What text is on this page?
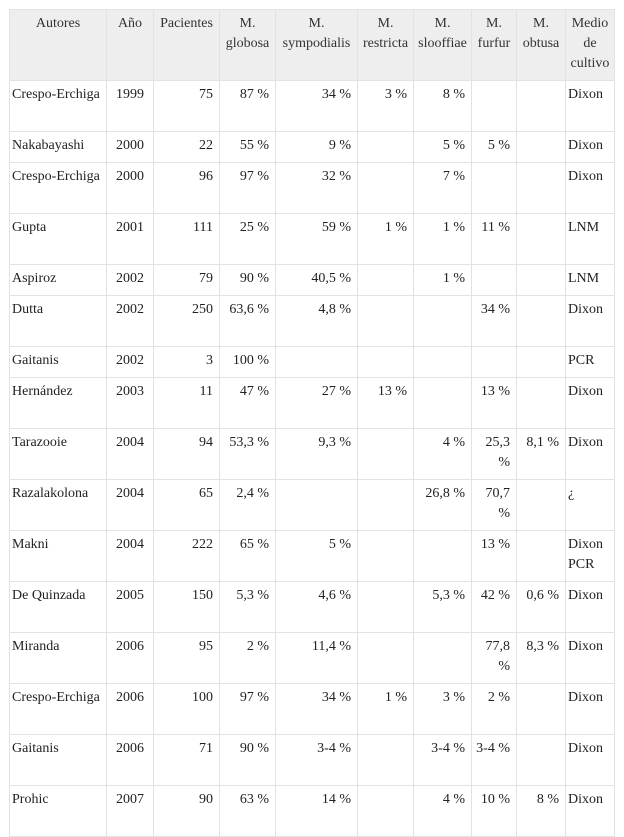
Autores	Año	Pacientes	M. globosa	M. sympodialis	M. restricta	M. slooffiae	M. furfur	M. obtusa	Medio de cultivo
Crespo-Erchiga	1999	75	87 %	34 %	3 %	8 %			Dixon
Nakabayashi	2000	22	55 %	9 %		5 %	5 %		Dixon
Crespo-Erchiga	2000	96	97 %	32 %		7 %			Dixon
Gupta	2001	111	25 %	59 %	1 %	1 %	11 %		LNM
Aspiroz	2002	79	90 %	40,5 %		1 %			LNM
Dutta	2002	250	63,6 %	4,8 %			34 %		Dixon
Gaitanis	2002	3	100 %						PCR
Hernández	2003	11	47 %	27 %	13 %		13 %		Dixon
Tarazooie	2004	94	53,3 %	9,3 %		4 %	25,3 %	8,1 %	Dixon
Razalakolona	2004	65	2,4 %			26,8 %	70,7 %		¿
Makni	2004	222	65 %	5 %			13 %		Dixon PCR
De Quinzada	2005	150	5,3 %	4,6 %		5,3 %	42 %	0,6 %	Dixon
Miranda	2006	95	2 %	11,4 %			77,8 %	8,3 %	Dixon
Crespo-Erchiga	2006	100	97 %	34 %	1 %	3 %	2 %		Dixon
Gaitanis	2006	71	90 %	3-4 %		3-4 %	3-4 %		Dixon
Prohic	2007	90	63 %	14 %		4 %	10 %	8 %	Dixon
